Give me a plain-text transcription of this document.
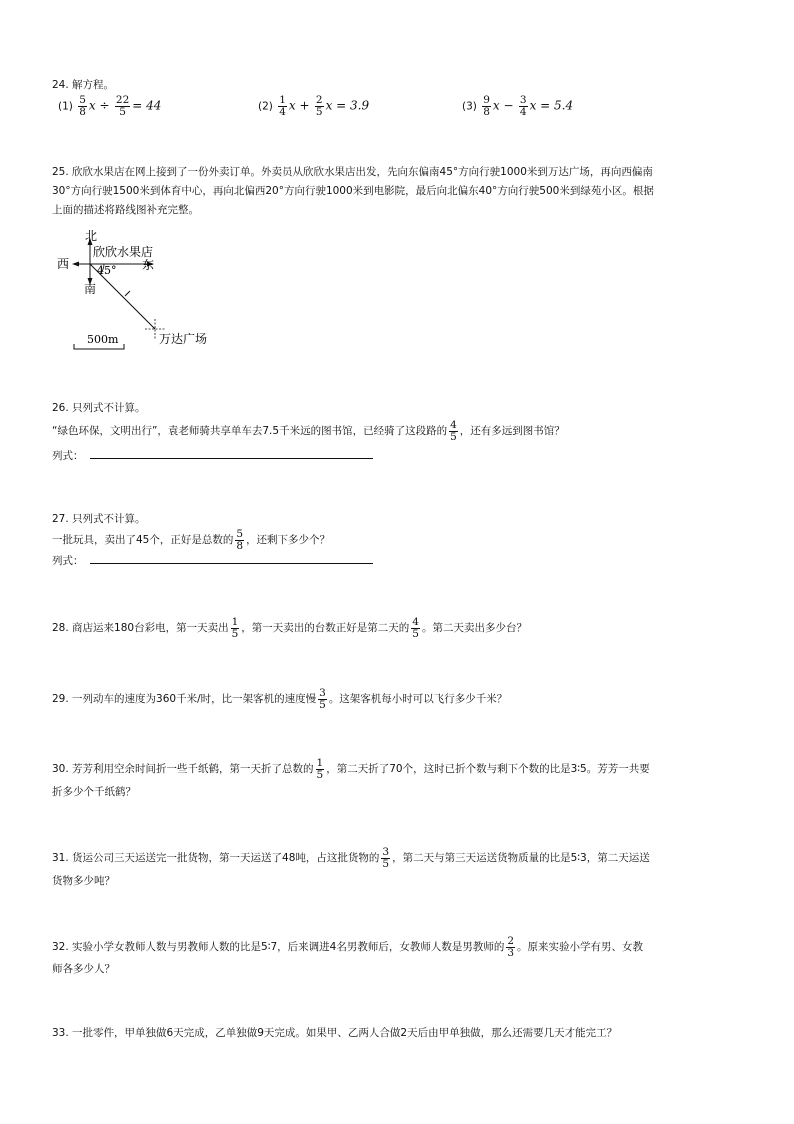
24. 解方程。
$(1) \frac{5}{8}$ $x \div \frac{22}{5} = 44$	$(2) \frac{1}{4}$ $x + \frac{2}{5}$ x = 3.9	$(3) \frac{9}{8}$ $x - \frac{3}{4}$ x = 5.4
25. 欣欣水果店在网上接到了一份外卖订单。外卖员从欣欣水果店出发，先向东偏南45°方向行驶1000米到万达广场，再向西偏南
30°方向行驶1500米到体育中心，再向北偏西20°方向行驶1000米到电影院，最后向北偏东40°方向行驶500米到绿苑小区。根据
上面的描述将路线图补充完整。
北
西	东
南
欣欣水果店
45°
万达广场
500m
26. 只列式不计算。
“绿色环保，文明出行”，袁老师骑共享单车去7.5千米远的图书馆，已经骑了这段路的 $\frac{4}{5}$ ，还有多远到图书馆？
列式：
27. 只列式不计算。
一批玩具，卖出了45个，正好是总数的 $\frac{5}{8}$ ，还剩下多少个？
列式：
28. 商店运来180台彩电，第一天卖出 $\frac{1}{5}$ ，第一天卖出的台数正好是第二天的 $\frac{4}{5}$ 。第二天卖出多少台？
29. 一列动车的速度为360千米/时，比一架客机的速度慢 $\frac{3}{5}$ 。这架客机每小时可以飞行多少千米？
30. 芳芳利用空余时间折一些千纸鹤，第一天折了总数的 $\frac{1}{5}$ ，第二天折了70个，这时已折个数与剩下个数的比是3∶5。芳芳一共要
折多少个千纸鹤？
31. 货运公司三天运送完一批货物，第一天运送了48吨，占这批货物的 $\frac{3}{5}$ ，第二天与第三天运送货物质量的比是5∶3，第二天运送
货物多少吨？
32. 实验小学女教师人数与男教师人数的比是5∶7，后来调进4名男教师后，女教师人数是男教师的 $\frac{2}{3}$ 。原来实验小学有男、女教
师各多少人？
33. 一批零件，甲单独做6天完成，乙单独做9天完成。如果甲、乙两人合做2天后由甲单独做，那么还需要几天才能完工？
